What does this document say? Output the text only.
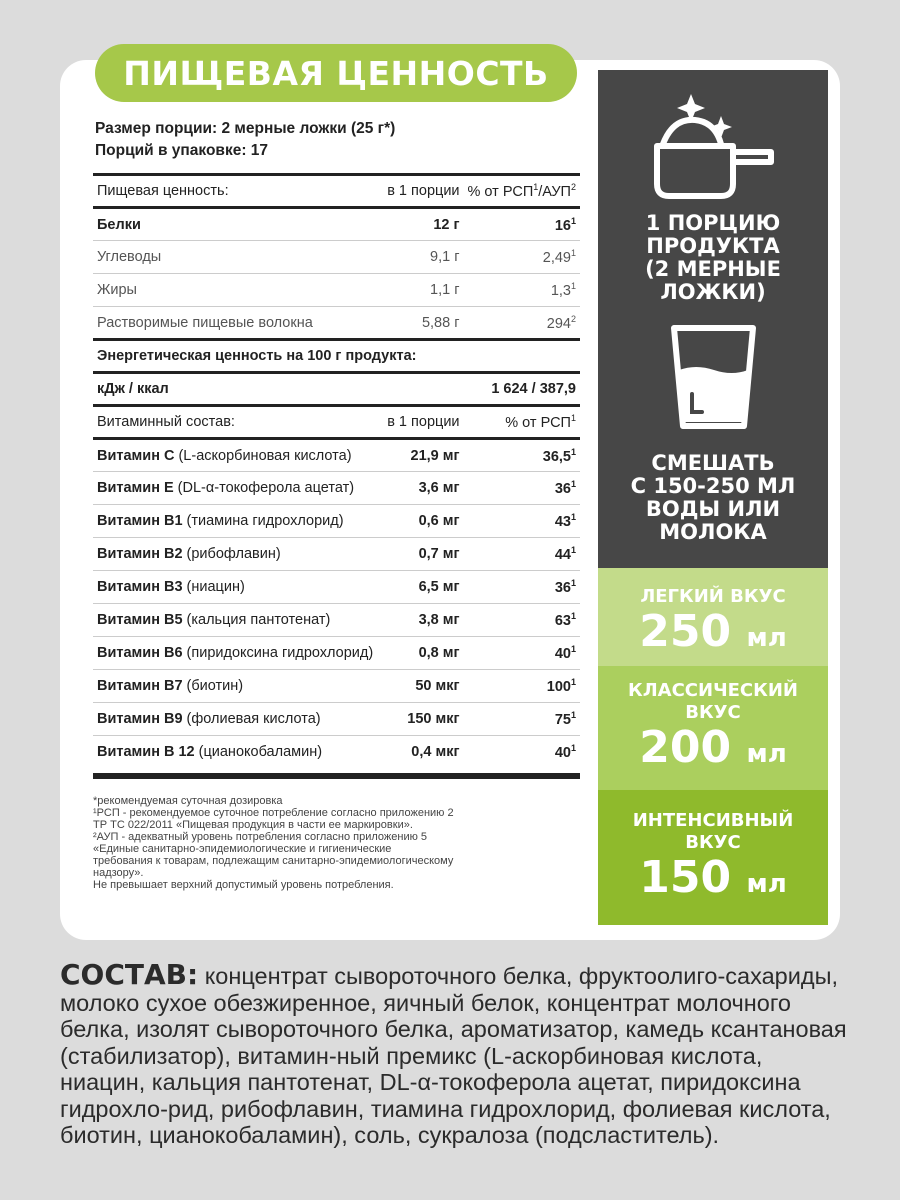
ПИЩЕВАЯ ЦЕННОСТЬ
Размер порции: 2 мерные ложки (25 г*)
Порций в упаковке: 17
Пищевая ценность:	в 1 порции	% от РСП$^1$/АУП$^2$
Белки	12 г	$16^1$
Углеводы	9,1 г	2,49$^1$
Жиры	1,1 г	$1,3^1$
Растворимые пищевые волокна	5,88 г	$294^2$
Энергетическая ценность на 100 г продукта:		
кДж / ккал		1 624 / 387,9
Витаминный состав:	в 1 порции	% от РСП$^1$
Витамин С (L-аскорбиновая кислота)	21,9 мг	36,5$^1$
Витамин Е (DL-α-токоферола ацетат)	3,6 мг	$36^1$
Витамин B1 (тиамина гидрохлорид)	0,6 мг	$43^1$
Витамин B2 (рибофлавин)	0,7 мг	$44^1$
Витамин B3 (ниацин)	6,5 мг	$36^1$
Витамин B5 (кальция пантотенат)	3,8 мг	$63^1$
Витамин B6 (пиридоксина гидрохлорид)	0,8 мг	$40^1$
Витамин B7 (биотин)	50 мкг	$100^1$
Витамин B9 (фолиевая кислота)	150 мкг	$75^1$
Витамин B 12 (цианокобаламин)	0,4 мкг	$40^1$
*рекомендуемая суточная дозировка
¹РСП - рекомендуемое суточное потребление согласно приложению 2
ТР ТС 022/2011 «Пищевая продукция в части ее маркировки».
²АУП - адекватный уровень потребления согласно приложению 5
«Единые санитарно-эпидемиологические и гигиенические
требования к товарам, подлежащим санитарно-эпидемиологическому
надзору».
Не превышает верхний допустимый уровень потребления.
1 ПОРЦИЮ
ПРОДУКТА
(2 МЕРНЫЕ
ЛОЖКИ)
СМЕШАТЬ
С 150-250 МЛ
ВОДЫ ИЛИ
МОЛОКА
ЛЕГКИЙ ВКУС
250 мл
КЛАССИЧЕСКИЙ
ВКУС
200 мл
ИНТЕНСИВНЫЙ
ВКУС
150 мл
СОСТАВ: концентрат сывороточного белка, фруктоолиго-сахариды, молоко сухое обезжиренное, яичный белок, концентрат молочного белка, изолят сывороточного белка, ароматизатор, камедь ксантановая (стабилизатор), витамин-ный премикс (L-аскорбиновая кислота, ниацин, кальция пантотенат, DL-α-токоферола ацетат, пиридоксина гидрохло-рид, рибофлавин, тиамина гидрохлорид, фолиевая кислота, биотин, цианокобаламин), соль, сукралоза (подсластитель).
